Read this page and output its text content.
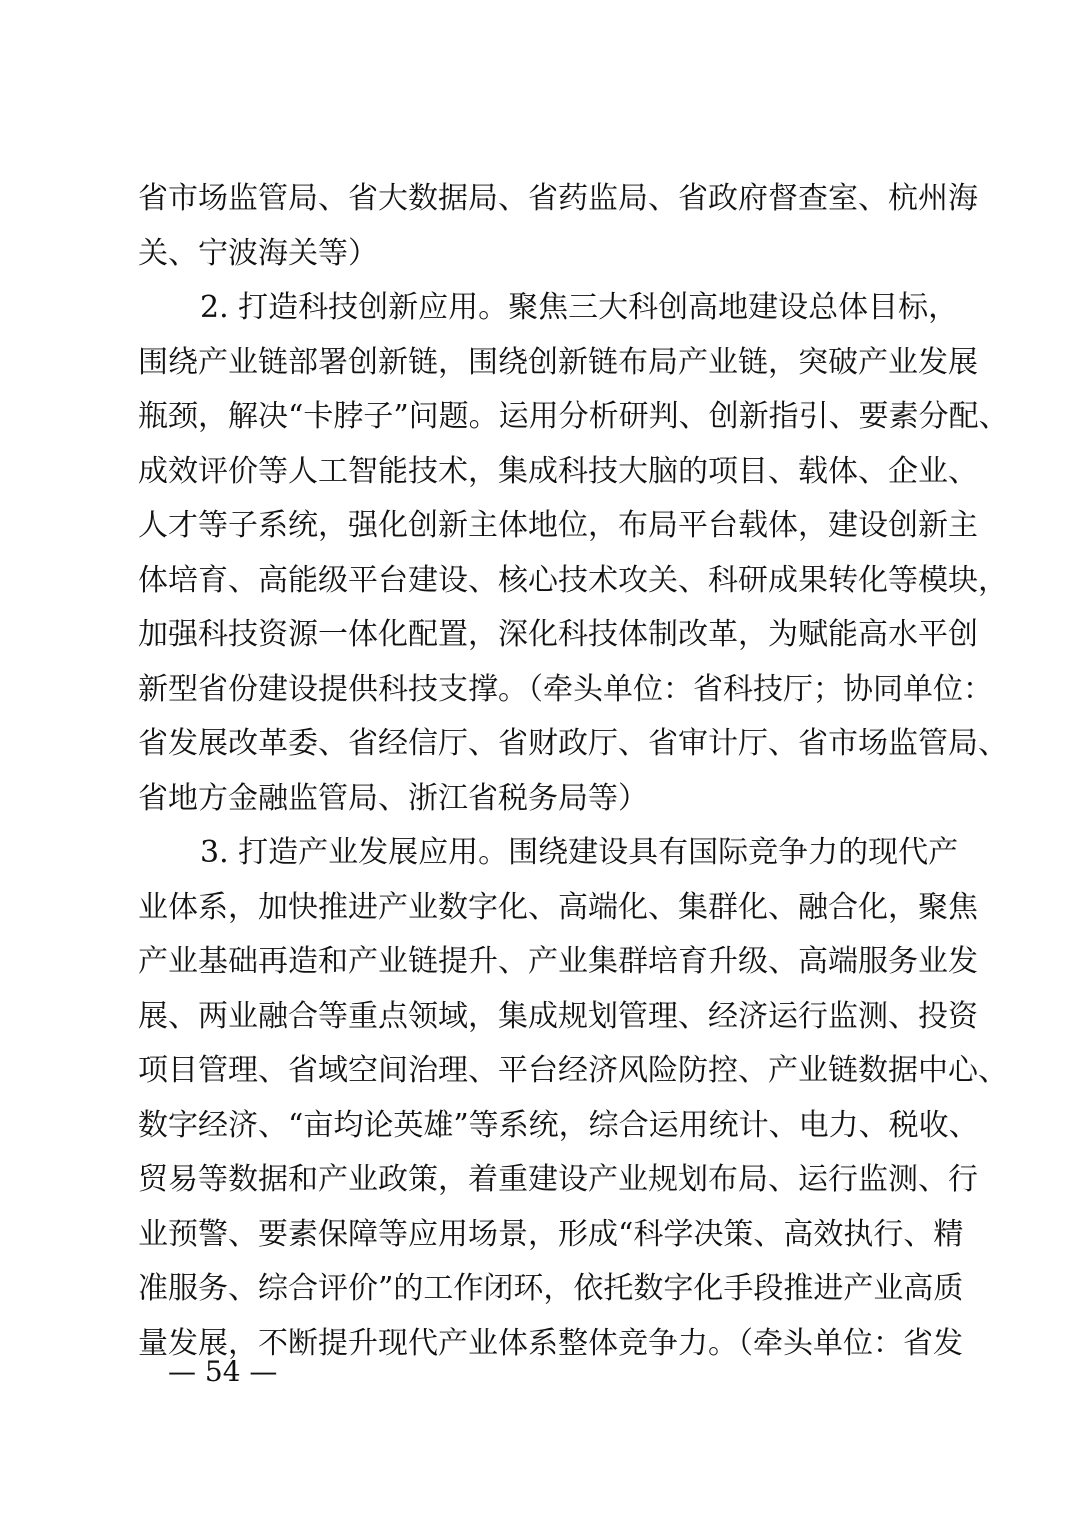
省市场监管局、省大数据局、省药监局、省政府督查室、杭州海
关、宁波海关等）
2. 打造科技创新应用。聚焦三大科创高地建设总体目标，
围绕产业链部署创新链，围绕创新链布局产业链，突破产业发展
瓶颈，解决“卡脖子”问题。运用分析研判、创新指引、要素分配、
成效评价等人工智能技术，集成科技大脑的项目、载体、企业、
人才等子系统，强化创新主体地位，布局平台载体，建设创新主
体培育、高能级平台建设、核心技术攻关、科研成果转化等模块，
加强科技资源一体化配置，深化科技体制改革，为赋能高水平创
新型省份建设提供科技支撑。（牵头单位：省科技厅；协同单位：
省发展改革委、省经信厅、省财政厅、省审计厅、省市场监管局、
省地方金融监管局、浙江省税务局等）
3. 打造产业发展应用。围绕建设具有国际竞争力的现代产
业体系，加快推进产业数字化、高端化、集群化、融合化，聚焦
产业基础再造和产业链提升、产业集群培育升级、高端服务业发
展、两业融合等重点领域，集成规划管理、经济运行监测、投资
项目管理、省域空间治理、平台经济风险防控、产业链数据中心、
数字经济、“亩均论英雄”等系统，综合运用统计、电力、税收、
贸易等数据和产业政策，着重建设产业规划布局、运行监测、行
业预警、要素保障等应用场景，形成“科学决策、高效执行、精
准服务、综合评价”的工作闭环，依托数字化手段推进产业高质
量发展，不断提升现代产业体系整体竞争力。（牵头单位：省发
— 54 —
